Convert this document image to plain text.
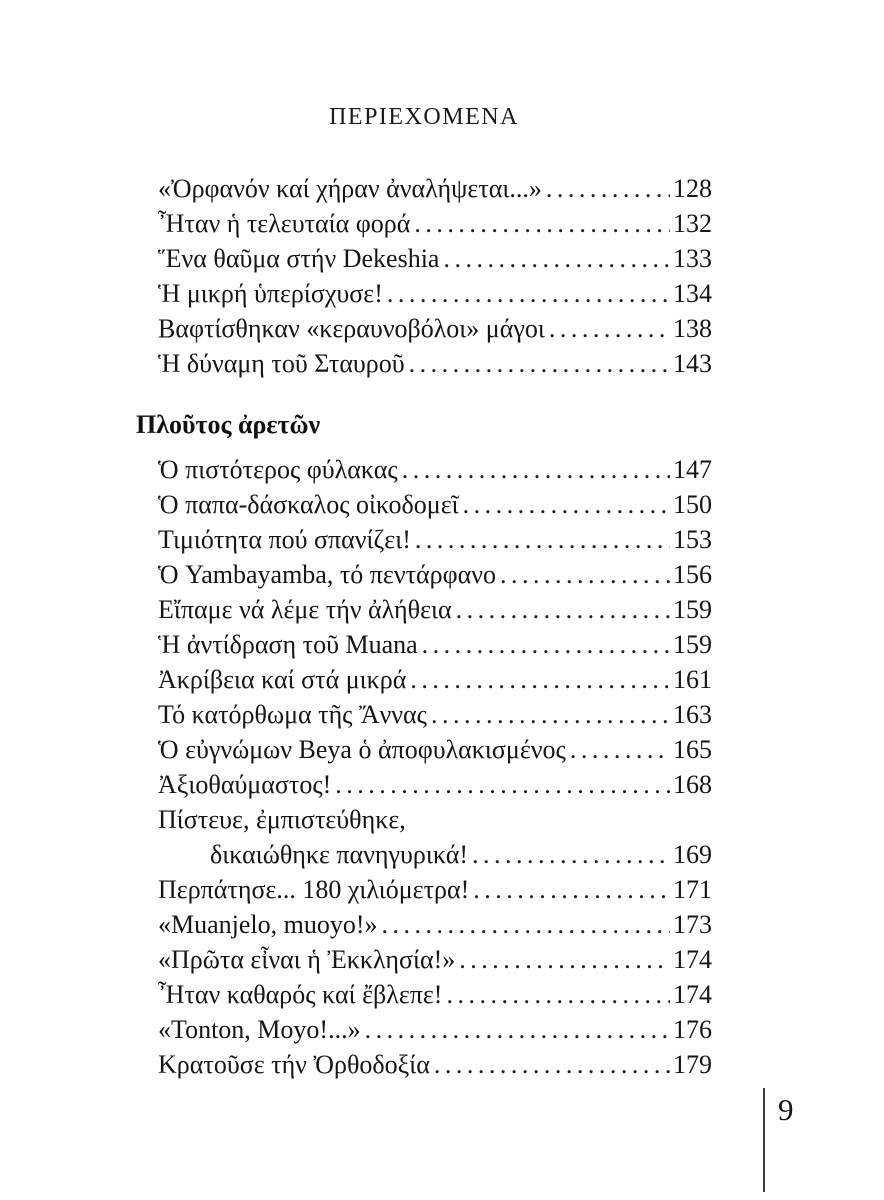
ΠΕΡΙΕΧΟΜΕΝΑ
«Ὀρφανόν καί χήραν ἀναλήψεται...» .....	128
Ἦταν ἡ τελευταία φορά .....	132
Ἕνα θαῦμα στήν Dekeshia .....	133
Ἡ μικρή ὑπερίσχυσε! .....	134
Βαφτίσθηκαν «κεραυνοβόλοι» μάγοι .....	138
Ἡ δύναμη τοῦ Σταυροῦ .....	143
Πλοῦτος ἀρετῶν
Ὁ πιστότερος φύλακας .....	147
Ὁ παπα-δάσκαλος οἰκοδομεῖ .....	150
Τιμιότητα πού σπανίζει! .....	153
Ὁ Yambayamba, τό πεντάρφανο .....	156
Εἴπαμε νά λέμε τήν ἀλήθεια .....	159
Ἡ ἀντίδραση τοῦ Muana .....	159
Ἀκρίβεια καί στά μικρά .....	161
Τό κατόρθωμα τῆς Ἄννας .....	163
Ὁ εὐγνώμων Beya ὁ ἀποφυλακισμένος .....	165
Ἀξιοθαύμαστος! .....	168
Πίστευε, ἐμπιστεύθηκε,
δικαιώθηκε πανηγυρικά! .....	169
Περπάτησε... 180 χιλιόμετρα! .....	171
«Muanjelo, muoyo!» .....	173
«Πρῶτα εἶναι ἡ Ἐκκλησία!» .....	174
Ἦταν καθαρός καί ἔβλεπε! .....	174
«Tonton, Moyo!...» .....	176
Κρατοῦσε τήν Ὀρθοδοξία .....	179
9
